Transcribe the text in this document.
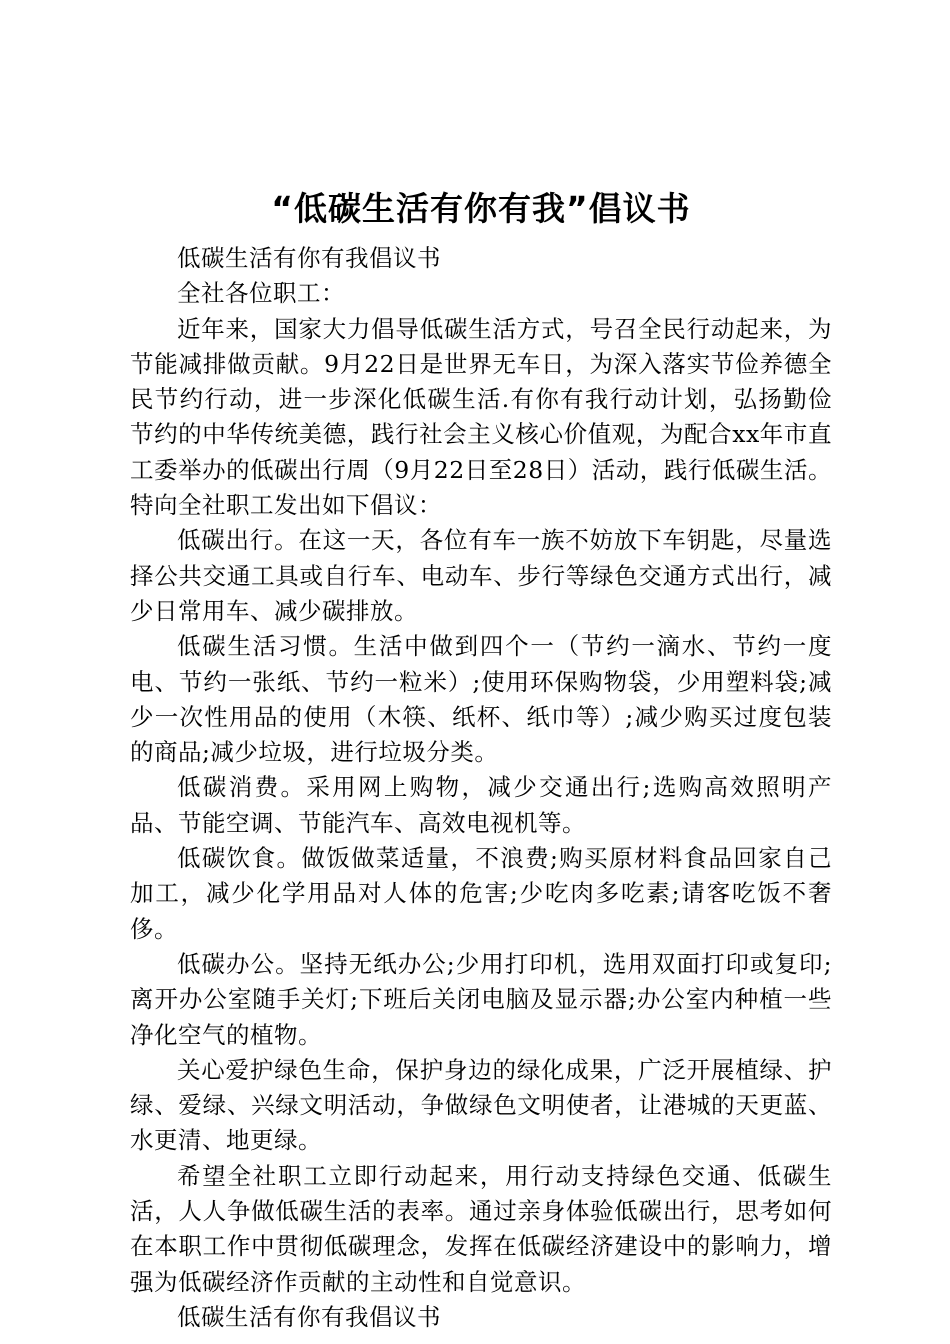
“低碳生活有你有我”倡议书

低碳生活有你有我倡议书

全社各位职工：

近年来，国家大力倡导低碳生活方式，号召全民行动起来，为节能减排做贡献。9月22日是世界无车日，为深入落实节俭养德全民节约行动，进一步深化低碳生活.有你有我行动计划，弘扬勤俭节约的中华传统美德，践行社会主义核心价值观，为配合xx年市直工委举办的低碳出行周（9月22日至28日）活动，践行低碳生活。特向全社职工发出如下倡议：

低碳出行。在这一天，各位有车一族不妨放下车钥匙，尽量选择公共交通工具或自行车、电动车、步行等绿色交通方式出行，减少日常用车、减少碳排放。

低碳生活习惯。生活中做到四个一（节约一滴水、节约一度电、节约一张纸、节约一粒米）;使用环保购物袋，少用塑料袋;减少一次性用品的使用（木筷、纸杯、纸巾等）;减少购买过度包装的商品;减少垃圾，进行垃圾分类。

低碳消费。采用网上购物，减少交通出行;选购高效照明产品、节能空调、节能汽车、高效电视机等。

低碳饮食。做饭做菜适量，不浪费;购买原材料食品回家自己加工，减少化学用品对人体的危害;少吃肉多吃素;请客吃饭不奢侈。

低碳办公。坚持无纸办公;少用打印机，选用双面打印或复印;离开办公室随手关灯;下班后关闭电脑及显示器;办公室内种植一些净化空气的植物。

关心爱护绿色生命，保护身边的绿化成果，广泛开展植绿、护绿、爱绿、兴绿文明活动，争做绿色文明使者，让港城的天更蓝、水更清、地更绿。

希望全社职工立即行动起来，用行动支持绿色交通、低碳生活，人人争做低碳生活的表率。通过亲身体验低碳出行，思考如何在本职工作中贯彻低碳理念，发挥在低碳经济建设中的影响力，增强为低碳经济作贡献的主动性和自觉意识。

低碳生活有你有我倡议书
